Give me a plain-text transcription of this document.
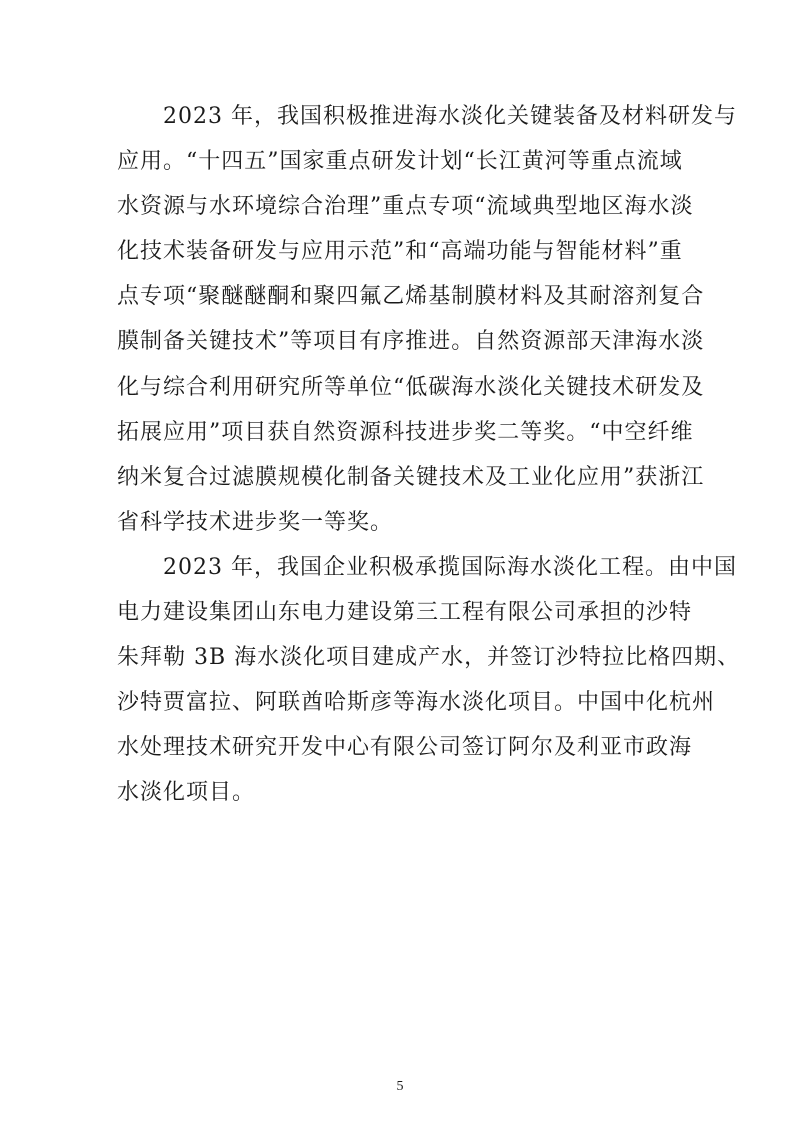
2023 年，我国积极推进海水淡化关键装备及材料研发与
应用。“十四五”国家重点研发计划“长江黄河等重点流域
水资源与水环境综合治理”重点专项“流域典型地区海水淡
化技术装备研发与应用示范”和“高端功能与智能材料”重
点专项“聚醚醚酮和聚四氟乙烯基制膜材料及其耐溶剂复合
膜制备关键技术”等项目有序推进。自然资源部天津海水淡
化与综合利用研究所等单位“低碳海水淡化关键技术研发及
拓展应用”项目获自然资源科技进步奖二等奖。“中空纤维
纳米复合过滤膜规模化制备关键技术及工业化应用”获浙江
省科学技术进步奖一等奖。
2023 年，我国企业积极承揽国际海水淡化工程。由中国
电力建设集团山东电力建设第三工程有限公司承担的沙特
朱拜勒 3B 海水淡化项目建成产水，并签订沙特拉比格四期、
沙特贾富拉、阿联酋哈斯彦等海水淡化项目。中国中化杭州
水处理技术研究开发中心有限公司签订阿尔及利亚市政海
水淡化项目。
5
